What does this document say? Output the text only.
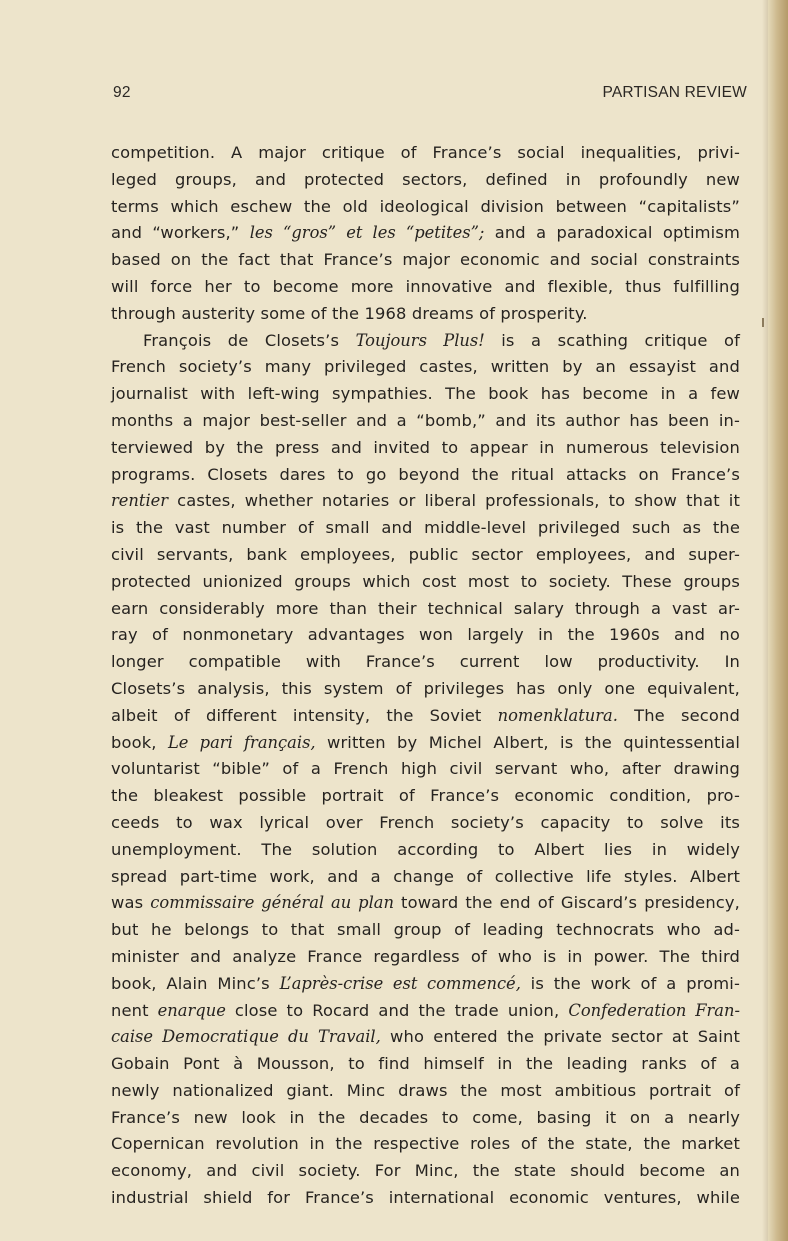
92	PARTISAN REVIEW
competition. A major critique of France’s social inequalities, privi-
leged groups, and protected sectors, defined in profoundly new
terms which eschew the old ideological division between “capitalists”
and “workers,” les “gros” et les “petites”; and a paradoxical optimism
based on the fact that France’s major economic and social constraints
will force her to become more innovative and flexible, thus fulfilling
through austerity some of the 1968 dreams of prosperity.
François de Closets’s Toujours Plus! is a scathing critique of
French society’s many privileged castes, written by an essayist and
journalist with left-wing sympathies. The book has become in a few
months a major best-seller and a “bomb,” and its author has been in-
terviewed by the press and invited to appear in numerous television
programs. Closets dares to go beyond the ritual attacks on France’s
rentier castes, whether notaries or liberal professionals, to show that it
is the vast number of small and middle-level privileged such as the
civil servants, bank employees, public sector employees, and super-
protected unionized groups which cost most to society. These groups
earn considerably more than their technical salary through a vast ar-
ray of nonmonetary advantages won largely in the 1960s and no
longer compatible with France’s current low productivity. In
Closets’s analysis, this system of privileges has only one equivalent,
albeit of different intensity, the Soviet nomenklatura. The second
book, Le pari français, written by Michel Albert, is the quintessential
voluntarist “bible” of a French high civil servant who, after drawing
the bleakest possible portrait of France’s economic condition, pro-
ceeds to wax lyrical over French society’s capacity to solve its
unemployment. The solution according to Albert lies in widely
spread part-time work, and a change of collective life styles. Albert
was commissaire général au plan toward the end of Giscard’s presidency,
but he belongs to that small group of leading technocrats who ad-
minister and analyze France regardless of who is in power. The third
book, Alain Minc’s L’après-crise est commencé, is the work of a promi-
nent enarque close to Rocard and the trade union, Confederation Fran-
caise Democratique du Travail, who entered the private sector at Saint
Gobain Pont à Mousson, to find himself in the leading ranks of a
newly nationalized giant. Minc draws the most ambitious portrait of
France’s new look in the decades to come, basing it on a nearly
Copernican revolution in the respective roles of the state, the market
economy, and civil society. For Minc, the state should become an
industrial shield for France’s international economic ventures, while
